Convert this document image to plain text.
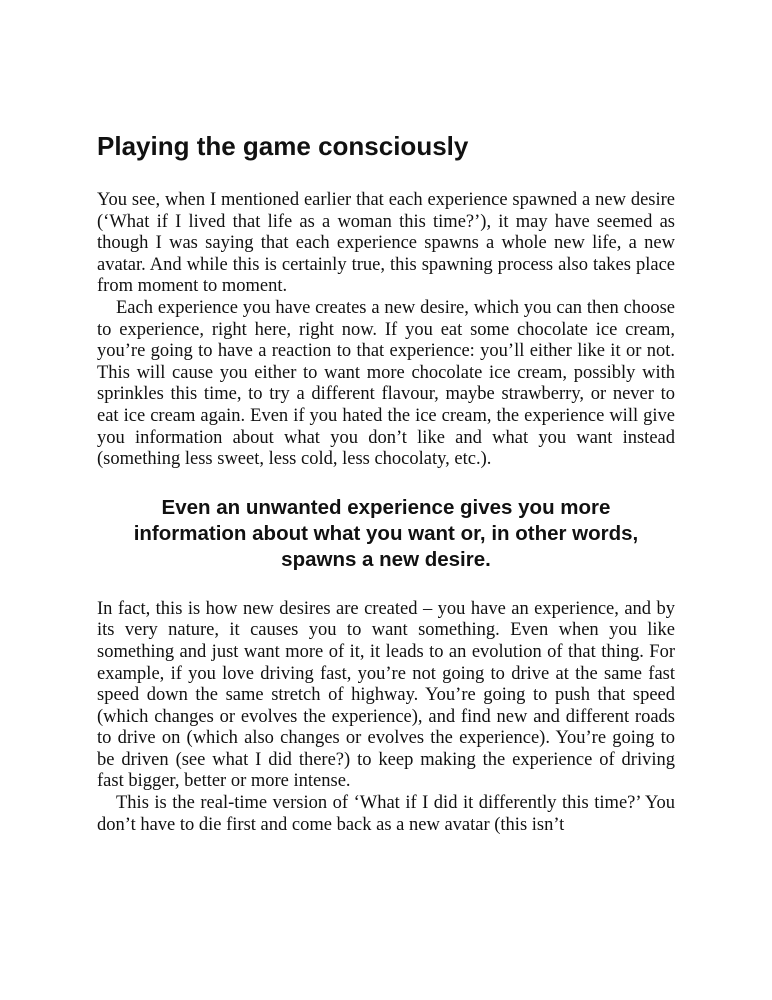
Playing the game consciously

You see, when I mentioned earlier that each experience spawned a new desire (‘What if I lived that life as a woman this time?’), it may have seemed as though I was saying that each experience spawns a whole new life, a new avatar. And while this is certainly true, this spawning process also takes place from moment to moment.

Each experience you have creates a new desire, which you can then choose to experience, right here, right now. If you eat some chocolate ice cream, you’re going to have a reaction to that experience: you’ll either like it or not. This will cause you either to want more chocolate ice cream, possibly with sprinkles this time, to try a different flavour, maybe strawberry, or never to eat ice cream again. Even if you hated the ice cream, the experience will give you information about what you don’t like and what you want instead (something less sweet, less cold, less chocolaty, etc.).

Even an unwanted experience gives you more
information about what you want or, in other words,
spawns a new desire.

In fact, this is how new desires are created – you have an experience, and by its very nature, it causes you to want something. Even when you like something and just want more of it, it leads to an evolution of that thing. For example, if you love driving fast, you’re not going to drive at the same fast speed down the same stretch of highway. You’re going to push that speed (which changes or evolves the experience), and find new and different roads to drive on (which also changes or evolves the experience). You’re going to be driven (see what I did there?) to keep making the experience of driving fast bigger, better or more intense.

This is the real-time version of ‘What if I did it differently this time?’ You don’t have to die first and come back as a new avatar (this isn’t
